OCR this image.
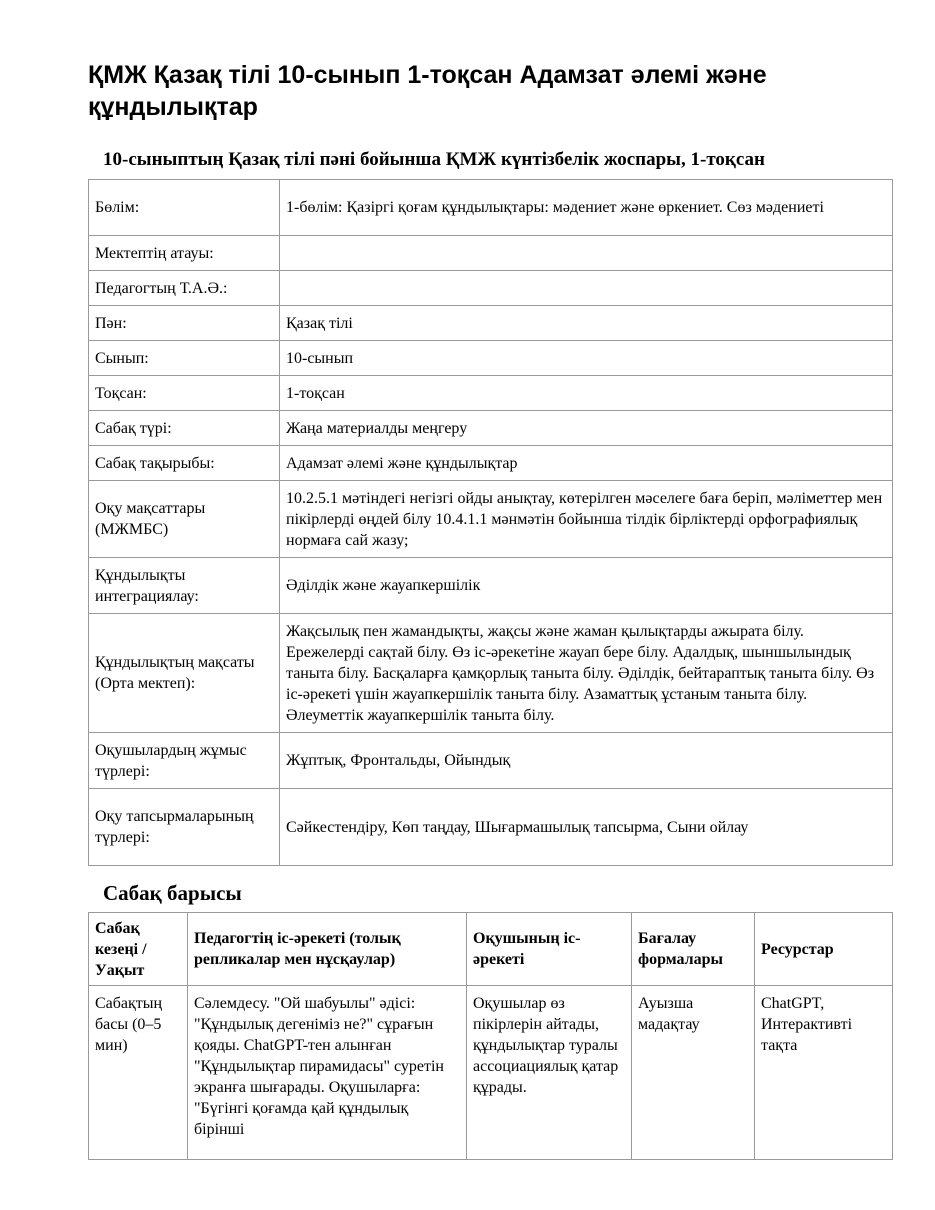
ҚМЖ Қазақ тілі 10-сынып 1-тоқсан Адамзат әлемі және құндылықтар
10-сыныптың Қазақ тілі пәні бойынша ҚМЖ күнтізбелік жоспары, 1-тоқсан
Бөлім:	1-бөлім: Қазіргі қоғам құндылықтары: мәдениет және өркениет. Сөз мәдениеті
Мектептің атауы:	
Педагогтың Т.А.Ә.:	
Пән:	Қазақ тілі
Сынып:	10-сынып
Тоқсан:	1-тоқсан
Сабақ түрі:	Жаңа материалды меңгеру
Сабақ тақырыбы:	Адамзат әлемі және құндылықтар
Оқу мақсаттары (МЖМБС)	10.2.5.1 мәтіндегі негізгі ойды анықтау, көтерілген мәселеге баға беріп, мәліметтер мен пікірлерді өңдей білу 10.4.1.1 мәнмәтін бойынша тілдік бірліктерді орфографиялық нормаға сай жазу;
Құндылықты интеграциялау:	Әділдік және жауапкершілік
Құндылықтың мақсаты (Орта мектеп):	Жақсылық пен жамандықты, жақсы және жаман қылықтарды ажырата білу. Ережелерді сақтай білу. Өз іс-әрекетіне жауап бере білу. Адалдық, шыншылындық таныта білу. Басқаларға қамқорлық таныта білу. Әділдік, бейтараптық таныта білу. Өз іс-әрекеті үшін жауапкершілік таныта білу. Азаматтық ұстаным таныта білу. Әлеуметтік жауапкершілік таныта білу.
Оқушылардың жұмыс түрлері:	Жұптық, Фронтальды, Ойындық
Оқу тапсырмаларының түрлері:	Сәйкестендіру, Көп таңдау, Шығармашылық тапсырма, Сыни ойлау
Сабақ барысы
Сабақ кезеңі / Уақыт	Педагогтің іс-әрекеті (толық репликалар мен нұсқаулар)	Оқушының іс-әрекеті	Бағалау формалары	Ресурстар

Сабақтың басы (0–5 мин)	Сәлемдесу. "Ой шабуылы" әдісі: "Құндылық дегеніміз не?" сұрағын қояды. ChatGPT-тен алынған "Құндылықтар пирамидасы" суретін экранға шығарады. Оқушыларға: "Бүгінгі қоғамда қай құндылық бірінші	Оқушылар өз пікірлерін айтады, құндылықтар туралы ассоциациялық қатар құрады.	Ауызша мадақтау	ChatGPT, Интерактивті тақта
